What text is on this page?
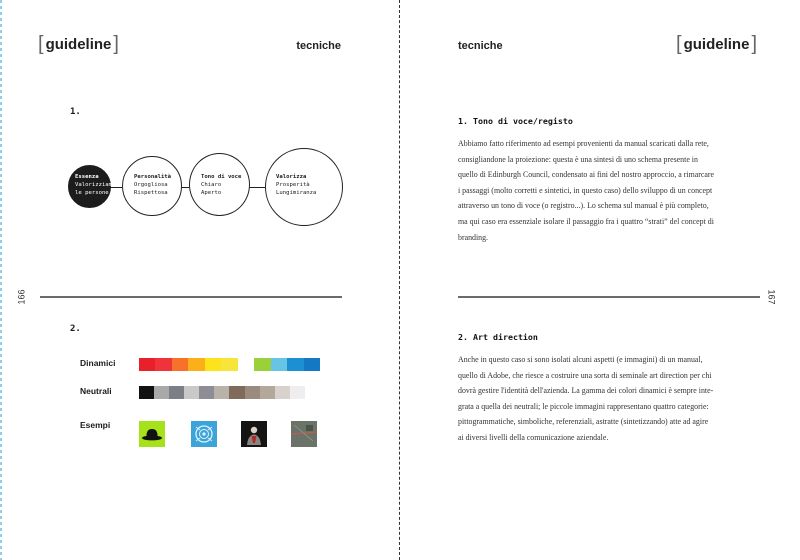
[ guideline ]	tecniche
1.
Essenza
Valorizziamo
le persone
Personalità
Orgogliosa
Rispettosa
Tono di voce
Chiaro
Aperto
Valorizza
Prosperità
Lungimiranza
166
2.
Dinamici
Neutrali
Esempi
tecniche	[ guideline ]
1. Tono di voce/registo
Abbiamo fatto riferimento ad esempi provenienti da manual scaricati dalla rete,
consigliandone la proiezione: questa è una sintesi di uno schema presente in
quello di Edinburgh Council, condensato ai fini del nostro approccio, a rimarcare
i passaggi (molto corretti e sintetici, in questo caso) dello sviluppo di un concept
attraverso un tono di voce (o registro...). Lo schema sul manual è più completo,
ma qui caso era essenziale isolare il passaggio fra i quattro “strati” del concept di
branding.
167
2. Art direction
Anche in questo caso si sono isolati alcuni aspetti (e immagini) di un manual,
quello di Adobe, che riesce a costruire una sorta di seminale art direction per chi
dovrà gestire l'identità dell'azienda. La gamma dei colori dinamici è sempre inte-
grata a quella dei neutrali; le piccole immagini rappresentano quattro categorie:
pittogrammatiche, simboliche, referenziali, astratte (sintetizzando) atte ad agire
ai diversi livelli della comunicazione aziendale.
